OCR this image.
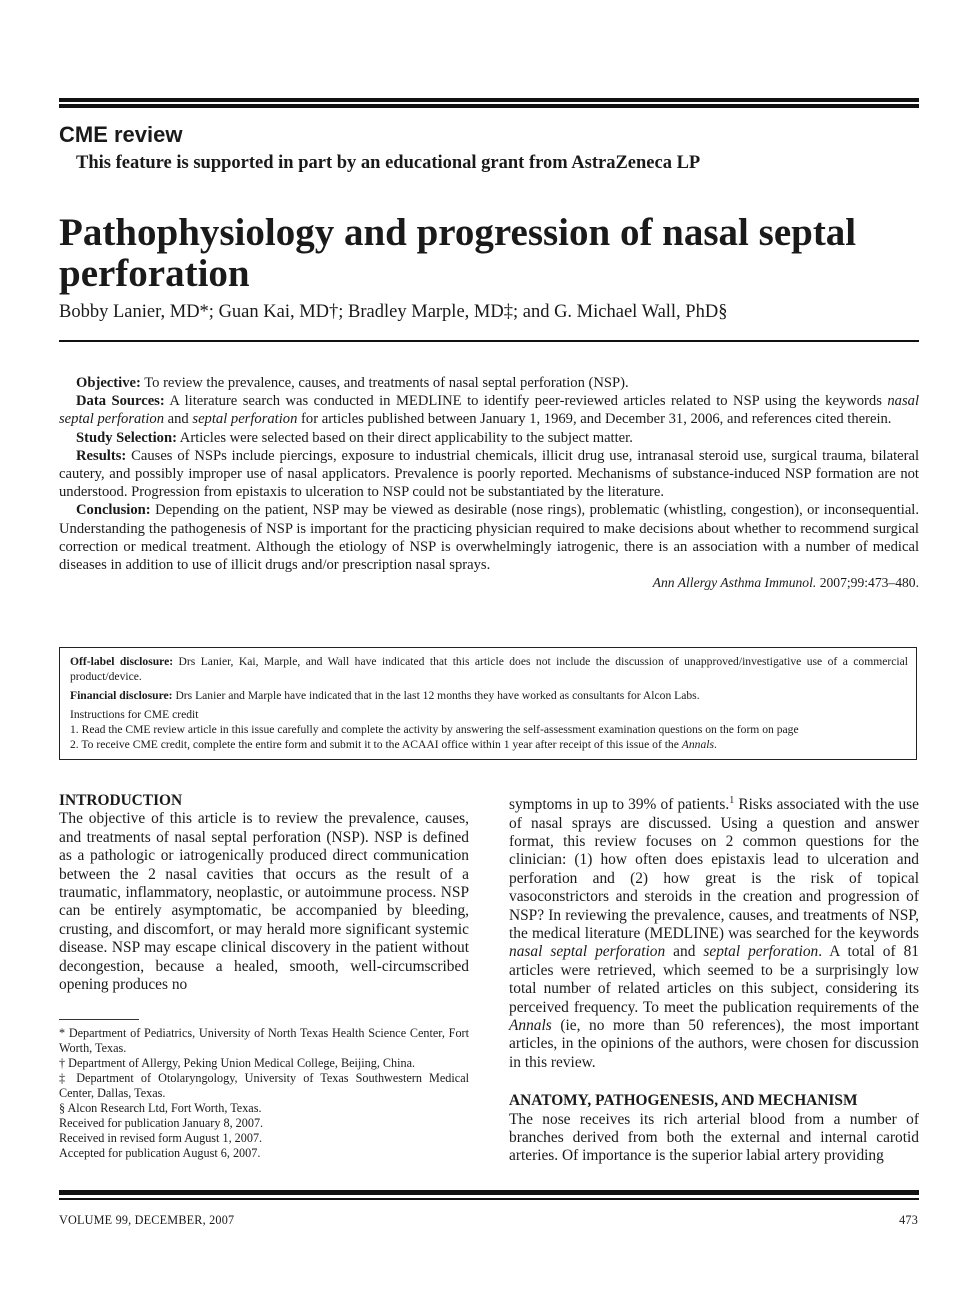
CME review
This feature is supported in part by an educational grant from AstraZeneca LP
Pathophysiology and progression of nasal septal perforation
Bobby Lanier, MD*; Guan Kai, MD†; Bradley Marple, MD‡; and G. Michael Wall, PhD§

Objective: To review the prevalence, causes, and treatments of nasal septal perforation (NSP).

Data Sources: A literature search was conducted in MEDLINE to identify peer-reviewed articles related to NSP using the keywords nasal septal perforation and septal perforation for articles published between January 1, 1969, and December 31, 2006, and references cited therein.

Study Selection: Articles were selected based on their direct applicability to the subject matter.

Results: Causes of NSPs include piercings, exposure to industrial chemicals, illicit drug use, intranasal steroid use, surgical trauma, bilateral cautery, and possibly improper use of nasal applicators. Prevalence is poorly reported. Mechanisms of substance-induced NSP formation are not understood. Progression from epistaxis to ulceration to NSP could not be substantiated by the literature.

Conclusion: Depending on the patient, NSP may be viewed as desirable (nose rings), problematic (whistling, congestion), or inconsequential. Understanding the pathogenesis of NSP is important for the practicing physician required to make decisions about whether to recommend surgical correction or medical treatment. Although the etiology of NSP is overwhelmingly iatrogenic, there is an association with a number of medical diseases in addition to use of illicit drugs and/or prescription nasal sprays.

Ann Allergy Asthma Immunol. 2007;99:473–480.

Off-label disclosure: Drs Lanier, Kai, Marple, and Wall have indicated that this article does not include the discussion of unapproved/investigative use of a commercial product/device.

Financial disclosure: Drs Lanier and Marple have indicated that in the last 12 months they have worked as consultants for Alcon Labs.

Instructions for CME credit
1. Read the CME review article in this issue carefully and complete the activity by answering the self-assessment examination questions on the form on page
2. To receive CME credit, complete the entire form and submit it to the ACAAI office within 1 year after receipt of this issue of the Annals.
INTRODUCTION

The objective of this article is to review the prevalence, causes, and treatments of nasal septal perforation (NSP). NSP is defined as a pathologic or iatrogenically produced direct communication between the 2 nasal cavities that occurs as the result of a traumatic, inflammatory, neoplastic, or autoimmune process. NSP can be entirely asymptomatic, be accompanied by bleeding, crusting, and discomfort, or may herald more significant systemic disease. NSP may escape clinical discovery in the patient without decongestion, because a healed, smooth, well-circumscribed opening produces no

* Department of Pediatrics, University of North Texas Health Science Center, Fort Worth, Texas.
† Department of Allergy, Peking Union Medical College, Beijing, China.
‡ Department of Otolaryngology, University of Texas Southwestern Medical Center, Dallas, Texas.
§ Alcon Research Ltd, Fort Worth, Texas.
Received for publication January 8, 2007.
Received in revised form August 1, 2007.
Accepted for publication August 6, 2007.

symptoms in up to 39% of patients.$^1$ Risks associated with the use of nasal sprays are discussed. Using a question and answer format, this review focuses on 2 common questions for the clinician: (1) how often does epistaxis lead to ulceration and perforation and (2) how great is the risk of topical vasoconstrictors and steroids in the creation and progression of NSP? In reviewing the prevalence, causes, and treatments of NSP, the medical literature (MEDLINE) was searched for the keywords nasal septal perforation and septal perforation. A total of 81 articles were retrieved, which seemed to be a surprisingly low total number of related articles on this subject, considering its perceived frequency. To meet the publication requirements of the Annals (ie, no more than 50 references), the most important articles, in the opinions of the authors, were chosen for discussion in this review.

ANATOMY, PATHOGENESIS, AND MECHANISM

The nose receives its rich arterial blood from a number of branches derived from both the external and internal carotid arteries. Of importance is the superior labial artery providing

VOLUME 99, DECEMBER, 2007	473
